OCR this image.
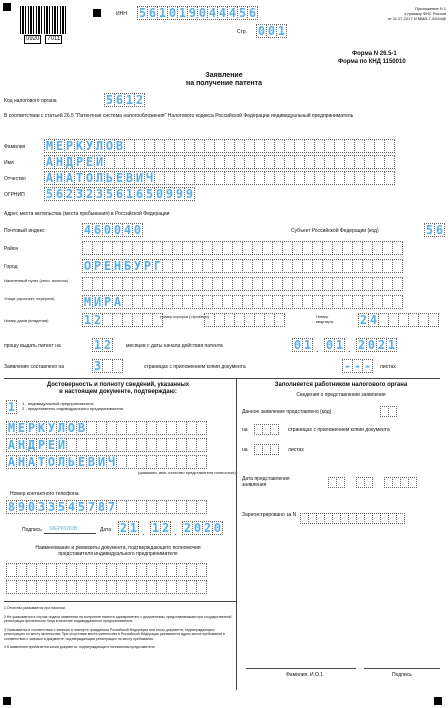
0920	7011
ИНН 5 6 1 0 1 9 0 4 4 4 5 6
Стр. 0 0 1
Приложение N 1
к приказу ФНС России
от 11.07.2017 N ММВ-7-3/544@
Форма N 26.5-1
Форма по КНД 1150010
Заявление
на получение патента
Код налогового органа	5 6 1 2
В соответствии с статьей 26.5 "Патентная система налогообложения" Налогового кодекса Российской Федерации индивидуальный предприниматель
Фамилия М Е Р К У Л О В
Имя	А Н Д Р Е Й
Отчество А Н А Т О Л Ь Е В И Ч
ОГРНИП 5 6 2 3 2 3 5 6 1 6 5 0 9 9 9
Адрес места жительства (места пребывания) в Российской Федерации
Почтовый индекс	4 6 0 0 4 0	Субъект Российской Федерации (код)	5 6
Район
Город	О Р Е Н Б У Р Г
Населенный пункт (село, поселок)
Улица (проспект, переулок)	М И Р А
Номер дома (владения)	1 2	Номер корпуса (строения)	Номер квартиры	2 4
прошу выдать патент на	1 2	месяцев с даты начала действия патента	0 1 . 0 1 . 2 0 2 1
Заявление составлено на 3	страницах с приложением копии документа	- - -	листах
Достоверность и полноту сведений, указанных
в настоящем документе, подтверждаю:
1	1 - индивидуальный предприниматель
2 - представитель индивидуального предпринимателя
М Е Р К У Л О В
А Н Д Р Е Й
А Н А Т О Л Ь Е В И Ч
(фамилия, имя, отчество представителя полностью)
Номер контактного телефона
8 9 0 3 3 5 4 5 7 8 7
Подпись МЕРКУЛОВ	Дата 2 1 . 1 2 . 2 0 2 0
Наименование и реквизиты документа, подтверждающего полномочия
представителя индивидуального предпринимателя
Заполняется работником налогового органа
Сведения о представлении заявления
Данное заявление представлено (код)
на	страницах с приложением копии документа
на	листах
Дата представления заявления
Зарегистрировано за N
Фамилия, И.О.1	Подпись
1 Отчество указывается при наличии.
2 Не указывается в случае подачи заявления на получение патента одновременно с документами, представляемыми при государственной регистрации физического лица в качестве индивидуального предпринимателя.
3 Указывается в соответствии с записью в паспорте гражданина Российской Федерации или иного документа, подтверждающего регистрацию по месту жительства. При отсутствии места жительства в Российской Федерации указывается адрес места пребывания в соответствии с записью в документе, подтверждающем регистрацию по месту пребывания.
4 К заявлению прилагается копия документа, подтверждающего полномочия представителя.
